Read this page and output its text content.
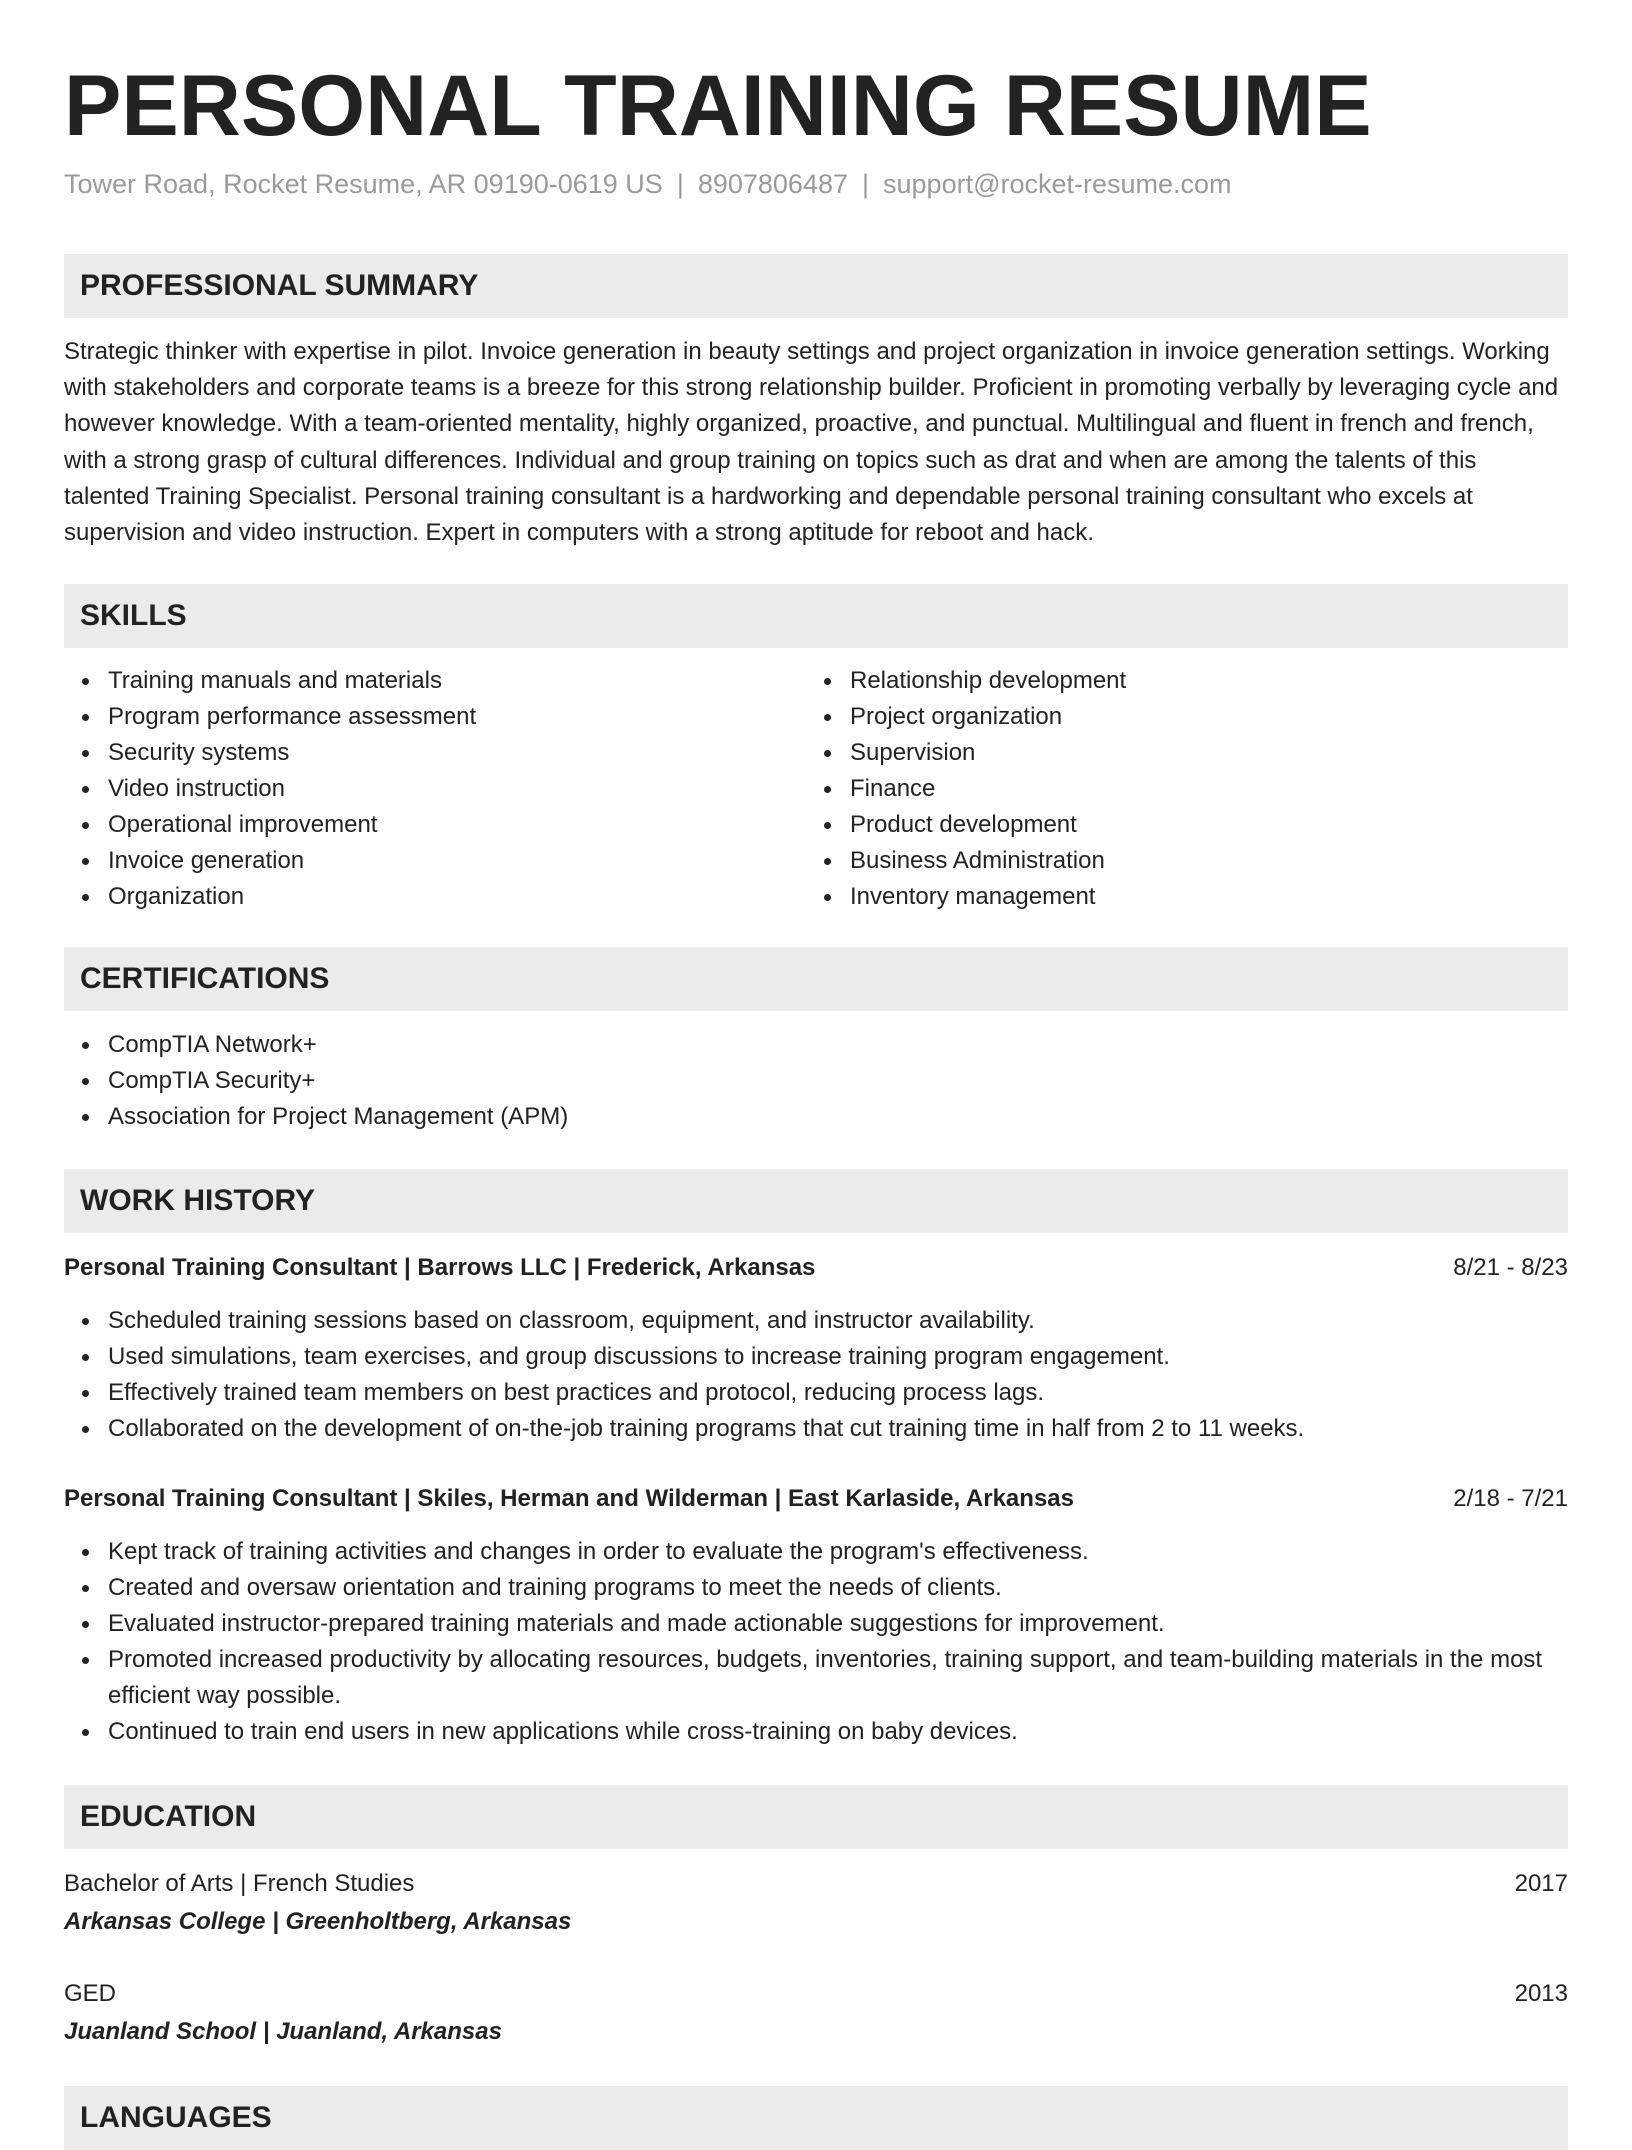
PERSONAL TRAINING RESUME
Tower Road, Rocket Resume, AR 09190-0619 US | 8907806487 | support@rocket-resume.com
PROFESSIONAL SUMMARY

Strategic thinker with expertise in pilot. Invoice generation in beauty settings and project organization in invoice generation settings. Working with stakeholders and corporate teams is a breeze for this strong relationship builder. Proficient in promoting verbally by leveraging cycle and however knowledge. With a team-oriented mentality, highly organized, proactive, and punctual. Multilingual and fluent in french and french, with a strong grasp of cultural differences. Individual and group training on topics such as drat and when are among the talents of this talented Training Specialist. Personal training consultant is a hardworking and dependable personal training consultant who excels at supervision and video instruction. Expert in computers with a strong aptitude for reboot and hack.

SKILLS
Training manuals and materials
Program performance assessment
Security systems
Video instruction
Operational improvement
Invoice generation
Organization
Relationship development
Project organization
Supervision
Finance
Product development
Business Administration
Inventory management
CERTIFICATIONS
CompTIA Network+
CompTIA Security+
Association for Project Management (APM)
WORK HISTORY
Personal Training Consultant | Barrows LLC | Frederick, Arkansas	8/21 - 8/23
Scheduled training sessions based on classroom, equipment, and instructor availability.
Used simulations, team exercises, and group discussions to increase training program engagement.
Effectively trained team members on best practices and protocol, reducing process lags.
Collaborated on the development of on-the-job training programs that cut training time in half from 2 to 11 weeks.
Personal Training Consultant | Skiles, Herman and Wilderman | East Karlaside, Arkansas	2/18 - 7/21
Kept track of training activities and changes in order to evaluate the program's effectiveness.
Created and oversaw orientation and training programs to meet the needs of clients.
Evaluated instructor-prepared training materials and made actionable suggestions for improvement.
Promoted increased productivity by allocating resources, budgets, inventories, training support, and team-building materials in the most efficient way possible.
Continued to train end users in new applications while cross-training on baby devices.
EDUCATION
Bachelor of Arts | French Studies	2017
Arkansas College | Greenholtberg, Arkansas
GED	2013
Juanland School | Juanland, Arkansas
LANGUAGES
